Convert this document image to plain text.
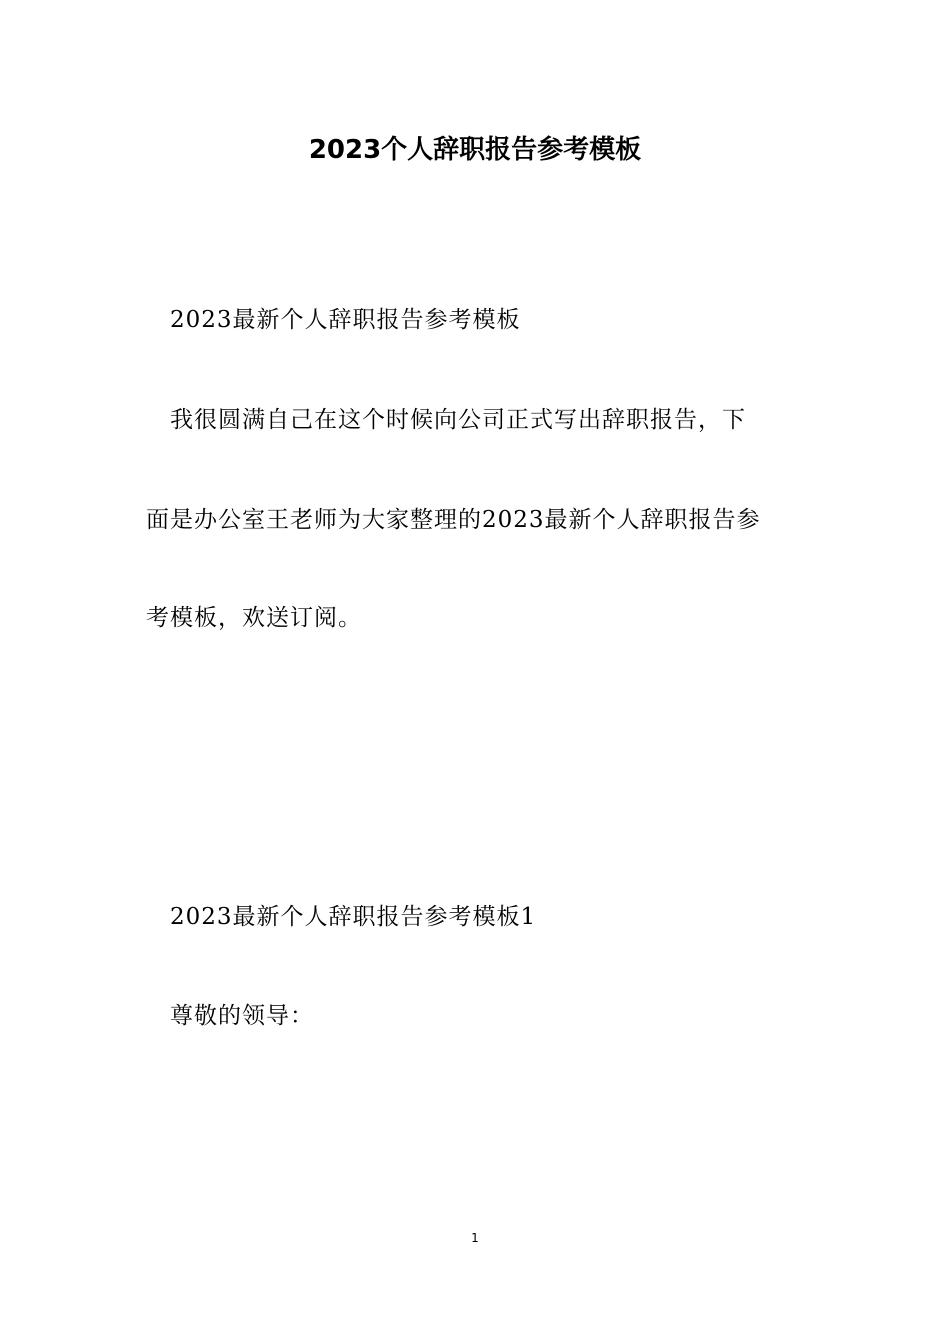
2023个人辞职报告参考模板
2023最新个人辞职报告参考模板
我很圆满自己在这个时候向公司正式写出辞职报告，下
面是办公室王老师为大家整理的2023最新个人辞职报告参
考模板，欢送订阅。
2023最新个人辞职报告参考模板1
尊敬的领导：
1
